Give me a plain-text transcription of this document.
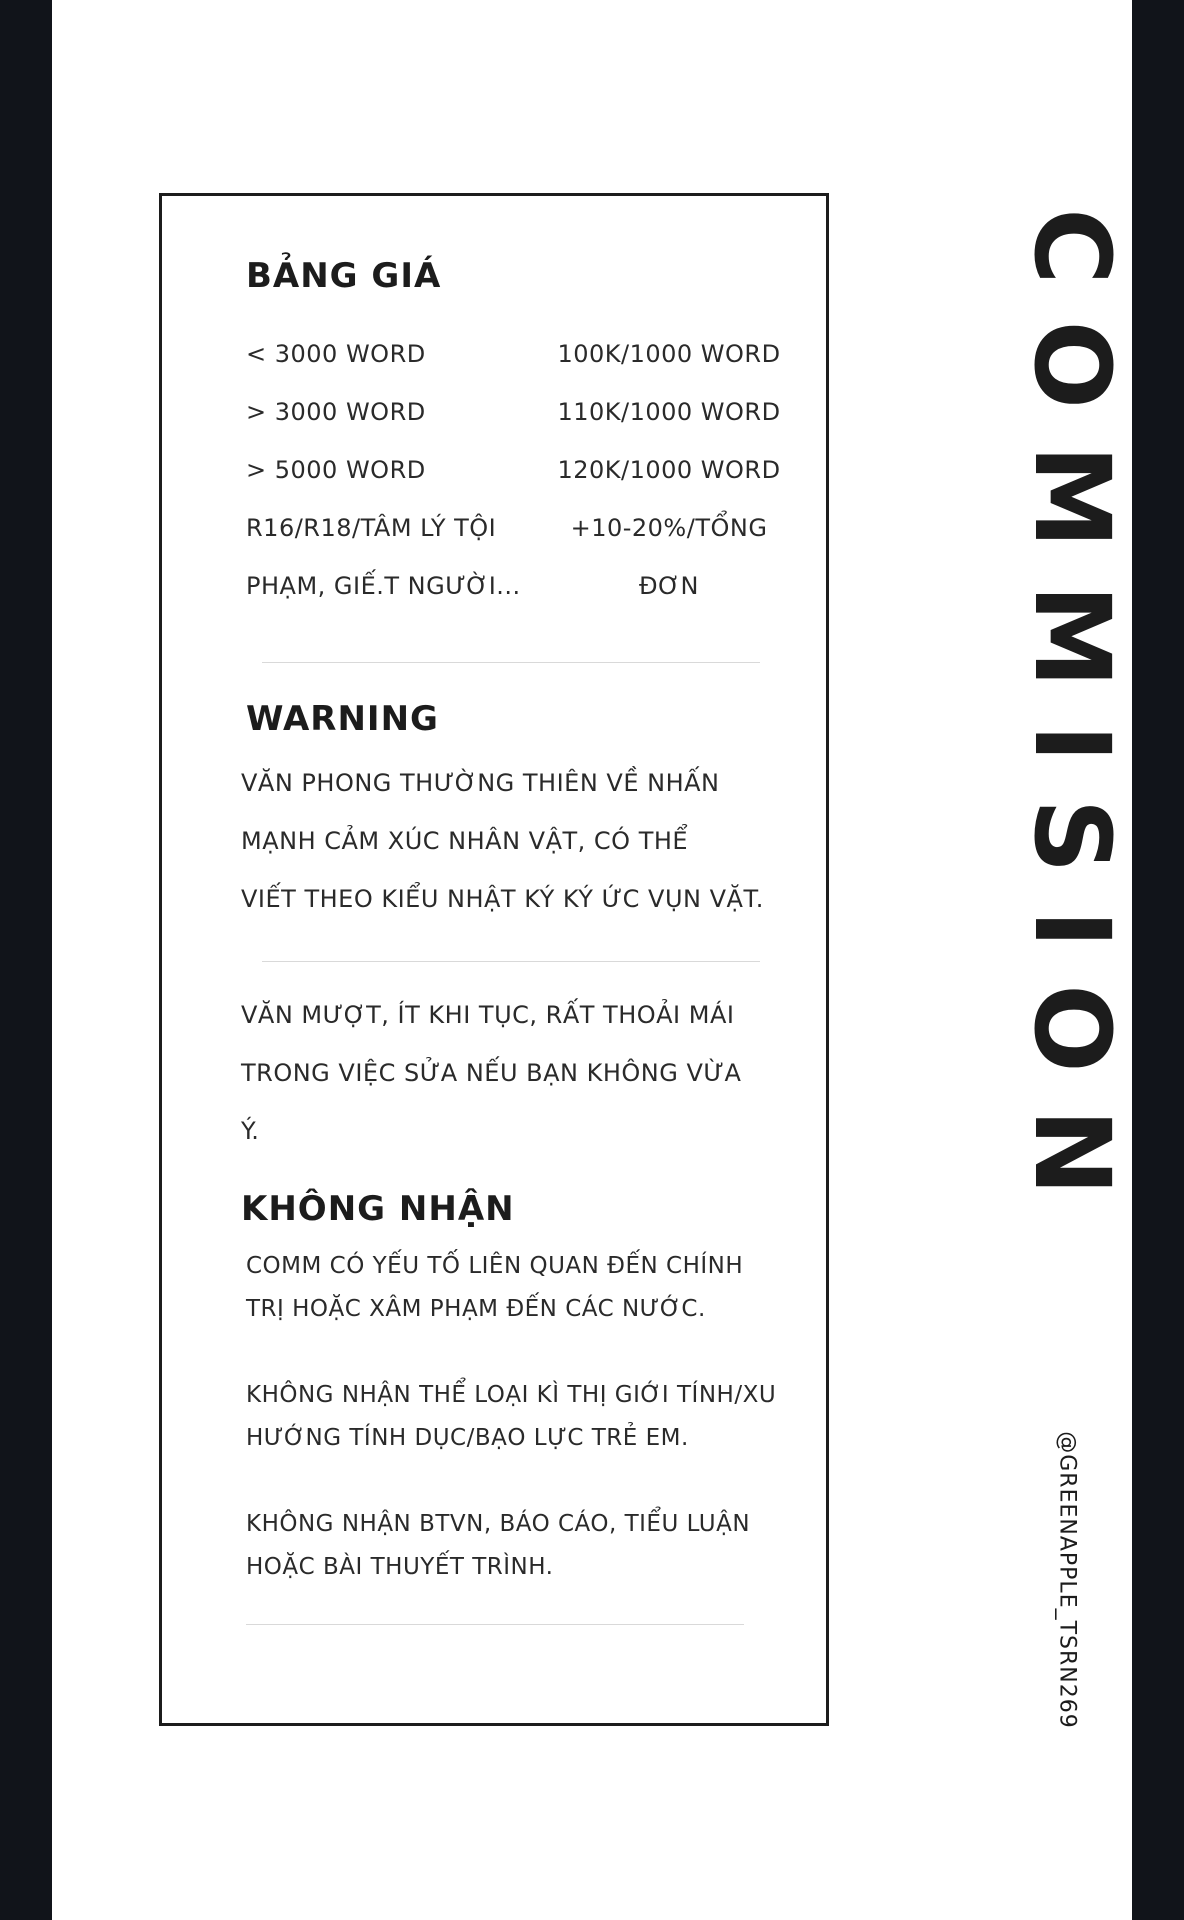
BẢNG GIÁ
< 3000 WORD	100K/1000 WORD
> 3000 WORD	110K/1000 WORD
> 5000 WORD	120K/1000 WORD
R16/R18/TÂM LÝ TỘI	+10-20%/TỔNG
PHẠM, GIẾ.T NGƯỜI...	ĐƠN
WARNING
VĂN PHONG THƯỜNG THIÊN VỀ NHẤN
MẠNH CẢM XÚC NHÂN VẬT, CÓ THỂ
VIẾT THEO KIỂU NHẬT KÝ KÝ ỨC VỤN VẶT.
VĂN MƯỢT, ÍT KHI TỤC, RẤT THOẢI MÁI
TRONG VIỆC SỬA NẾU BẠN KHÔNG VỪA
Ý.
KHÔNG NHẬN
COMM CÓ YẾU TỐ LIÊN QUAN ĐẾN CHÍNH
TRỊ HOẶC XÂM PHẠM ĐẾN CÁC NƯỚC.
KHÔNG NHẬN THỂ LOẠI KÌ THỊ GIỚI TÍNH/XU
HƯỚNG TÍNH DỤC/BẠO LỰC TRẺ EM.
KHÔNG NHẬN BTVN, BÁO CÁO, TIỂU LUẬN
HOẶC BÀI THUYẾT TRÌNH.
COMMISION
@GREENAPPLE_TSRN269
